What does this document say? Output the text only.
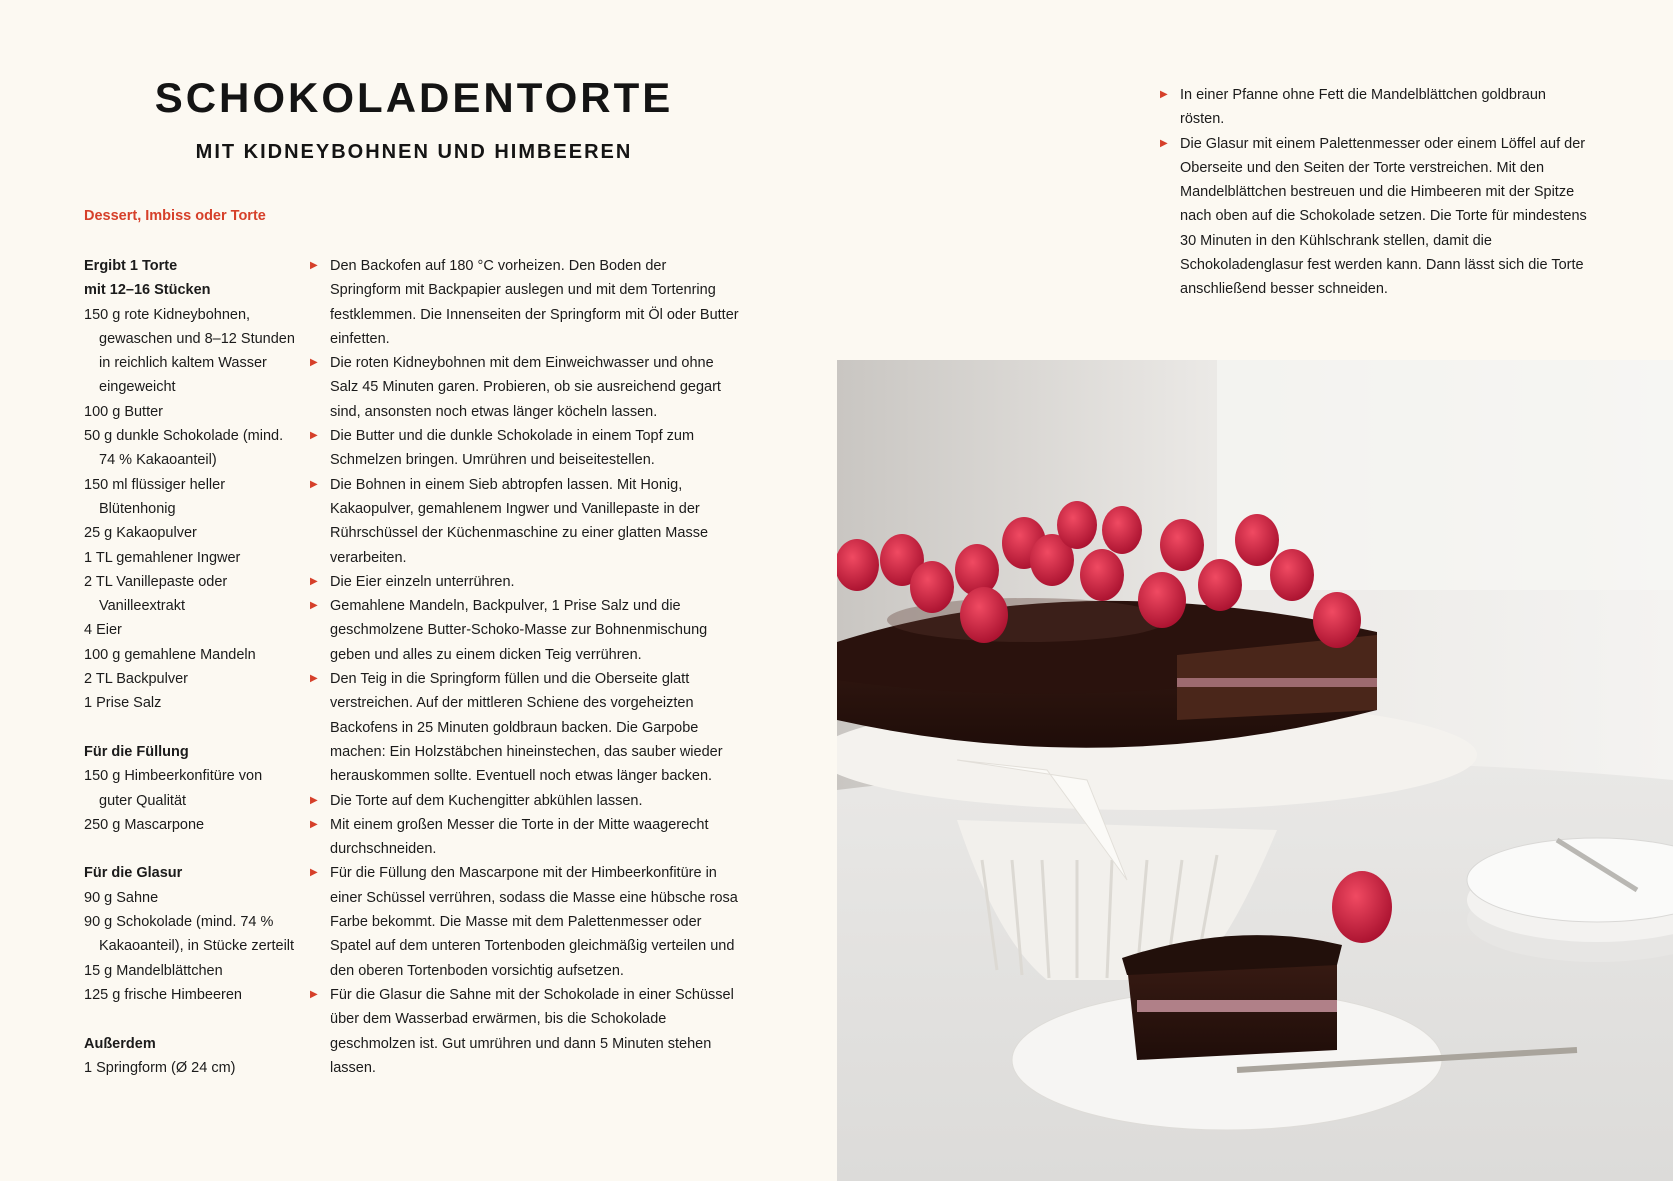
SCHOKOLADENTORTE
MIT KIDNEYBOHNEN UND HIMBEEREN

Dessert, Imbiss oder Torte

Ergibt 1 Torte

mit 12–16 Stücken

150 g rote Kidneybohnen, gewaschen und 8–12 Stunden in reichlich kaltem Wasser eingeweicht

100 g Butter

50 g dunkle Schokolade (mind. 74 % Kakaoanteil)

150 ml flüssiger heller Blütenhonig

25 g Kakaopulver

1 TL gemahlener Ingwer

2 TL Vanillepaste oder Vanilleextrakt

4 Eier

100 g gemahlene Mandeln

2 TL Backpulver

1 Prise Salz

Für die Füllung

150 g Himbeerkonfitüre von guter Qualität

250 g Mascarpone

Für die Glasur

90 g Sahne

90 g Schokolade (mind. 74 % Kakaoanteil), in Stücke zerteilt

15 g Mandelblättchen

125 g frische Himbeeren

Außerdem

1 Springform (Ø 24 cm)

▶ Den Backofen auf 180 °C vorheizen. Den Boden der Springform mit Backpapier auslegen und mit dem Tortenring festklemmen. Die Innenseiten der Springform mit Öl oder Butter einfetten.

▶ Die roten Kidneybohnen mit dem Einweichwasser und ohne Salz 45 Minuten garen. Probieren, ob sie ausreichend gegart sind, ansonsten noch etwas länger köcheln lassen.

▶ Die Butter und die dunkle Schokolade in einem Topf zum Schmelzen bringen. Umrühren und beiseitestellen.

▶ Die Bohnen in einem Sieb abtropfen lassen. Mit Honig, Kakaopulver, gemahlenem Ingwer und Vanillepaste in der Rührschüssel der Küchenmaschine zu einer glatten Masse verarbeiten.

▶ Die Eier einzeln unterrühren.

▶ Gemahlene Mandeln, Backpulver, 1 Prise Salz und die geschmolzene Butter-Schoko-Masse zur Bohnenmischung geben und alles zu einem dicken Teig verrühren.

▶ Den Teig in die Springform füllen und die Oberseite glatt verstreichen. Auf der mittleren Schiene des vorgeheizten Backofens in 25 Minuten goldbraun backen. Die Garpobe machen: Ein Holzstäbchen hineinstechen, das sauber wieder herauskommen sollte. Eventuell noch etwas länger backen.

▶ Die Torte auf dem Kuchengitter abkühlen lassen.

▶ Mit einem großen Messer die Torte in der Mitte waagerecht durchschneiden.

▶ Für die Füllung den Mascarpone mit der Himbeerkonfitüre in einer Schüssel verrühren, sodass die Masse eine hübsche rosa Farbe bekommt. Die Masse mit dem Palettenmesser oder Spatel auf dem unteren Tortenboden gleichmäßig verteilen und den oberen Tortenboden vorsichtig aufsetzen.

▶ Für die Glasur die Sahne mit der Schokolade in einer Schüssel über dem Wasserbad erwärmen, bis die Schokolade geschmolzen ist. Gut umrühren und dann 5 Minuten stehen lassen.

▶ In einer Pfanne ohne Fett die Mandelblättchen goldbraun rösten.

▶ Die Glasur mit einem Palettenmesser oder einem Löffel auf der Oberseite und den Seiten der Torte verstreichen. Mit den Mandelblättchen bestreuen und die Himbeeren mit der Spitze nach oben auf die Schokolade setzen. Die Torte für mindestens 30 Minuten in den Kühlschrank stellen, damit die Schokoladenglasur fest werden kann. Dann lässt sich die Torte anschließend besser schneiden.
